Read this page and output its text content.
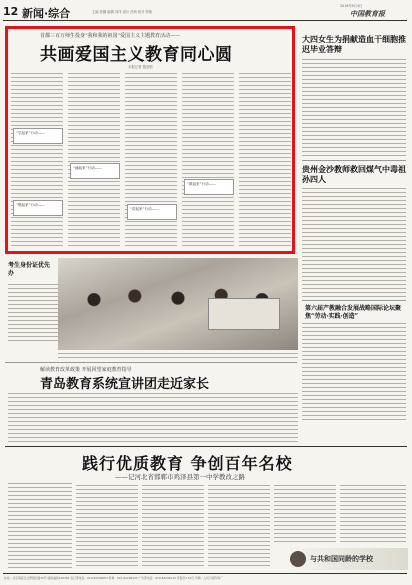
12 新闻·综合	主编 张鹏 编辑 刘洋 设计 吕萌 校对 郭艳
2019年9月4日
中国教育报
首都三百万师生投身“我和我的祖国”爱国主义主题教育活动——
共画爱国主义教育同心圆
本报记者 施剑松
“学起来”行动——
“唱起来”行动——
“诵起来”行动——
“讲起来”行动——
“做起来”行动——
大四女生为捐献造血干细胞推迟毕业答辩
贵州金沙教师救回煤气中毒祖孙四人
第六届产教融合发展战略国际论坛聚焦“劳动·实践·创造”
考生身份证优先办
解读教育改革政策 开展回望家庭教育指导
青岛教育系统宣讲团走近家长
践行优质教育 争创百年名校
——记河北省邯郸市鸡泽县第一中学教改之路
与共和国同龄的学校
社址：北京海淀区文慧园北路10号 邮政编码100082 发行部电话：010-82296083 传真：010-82296103 广告部电话：010-82296110 零售价1.50元 印刷：人民日报印务厂
